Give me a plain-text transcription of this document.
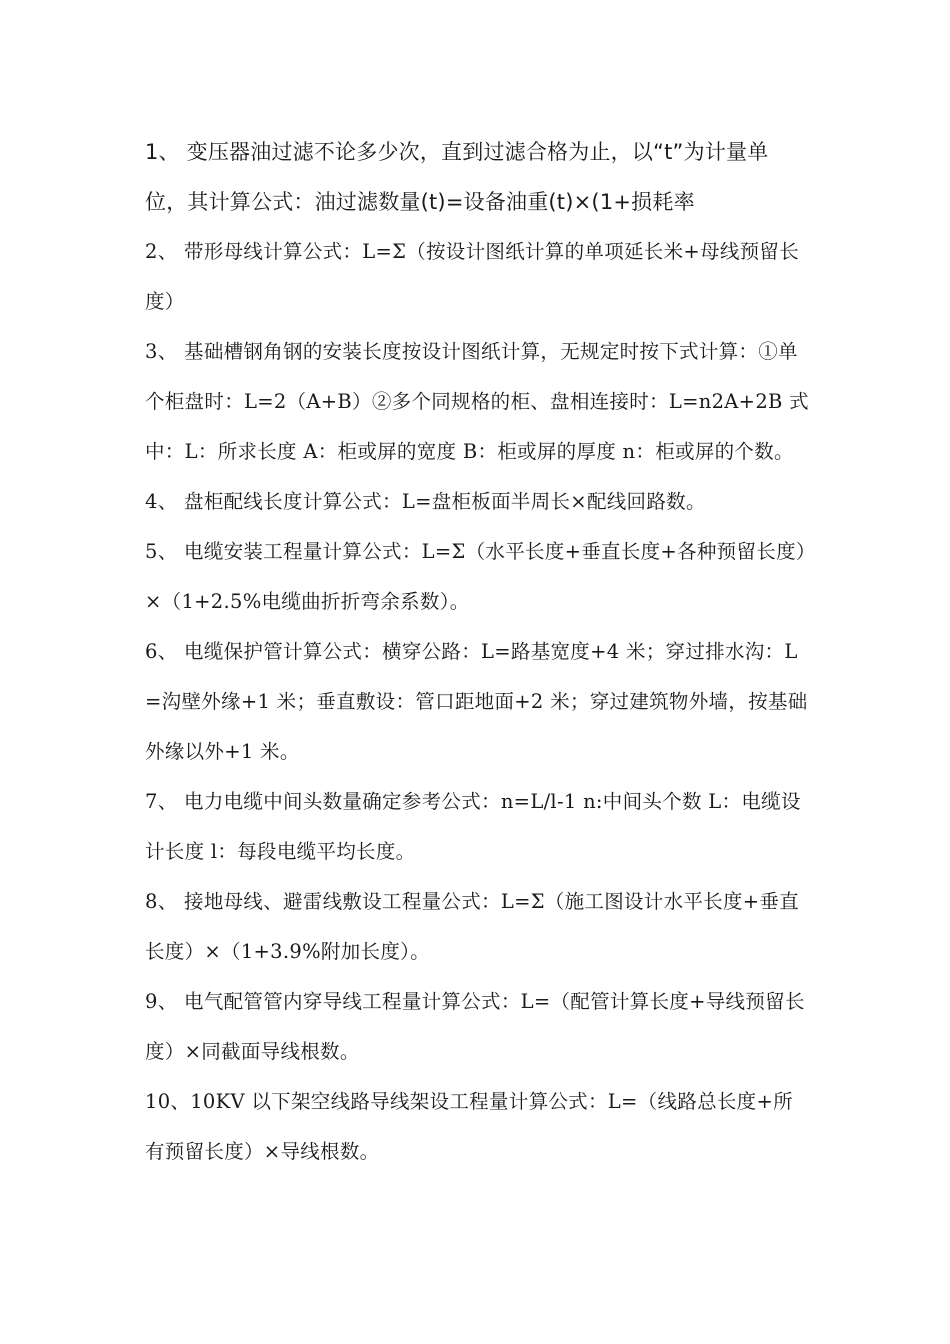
1、 变压器油过滤不论多少次，直到过滤合格为止，以“t”为计量单位，其计算公式：油过滤数量(t)=设备油重(t)×(1+损耗率

2、 带形母线计算公式：L=Σ（按设计图纸计算的单项延长米+母线预留长度）

3、 基础槽钢角钢的安装长度按设计图纸计算，无规定时按下式计算：①单个柜盘时：L=2（A+B）②多个同规格的柜、盘相连接时：L=n2A+2B 式中：L：所求长度 A：柜或屏的宽度 B：柜或屏的厚度 n：柜或屏的个数。

4、 盘柜配线长度计算公式：L=盘柜板面半周长×配线回路数。

5、 电缆安装工程量计算公式：L=Σ（水平长度+垂直长度+各种预留长度）×（1+2.5%电缆曲折折弯余系数）。

6、 电缆保护管计算公式：横穿公路：L=路基宽度+4 米；穿过排水沟：L=沟壁外缘+1 米；垂直敷设：管口距地面+2 米；穿过建筑物外墙，按基础外缘以外+1 米。

7、 电力电缆中间头数量确定参考公式：n=L/l-1 n:中间头个数 L：电缆设计长度 l：每段电缆平均长度。

8、 接地母线、避雷线敷设工程量公式：L=Σ（施工图设计水平长度+垂直长度）×（1+3.9%附加长度）。

9、 电气配管管内穿导线工程量计算公式：L=（配管计算长度+导线预留长度）×同截面导线根数。

10、10KV 以下架空线路导线架设工程量计算公式：L=（线路总长度+所有预留长度）×导线根数。
